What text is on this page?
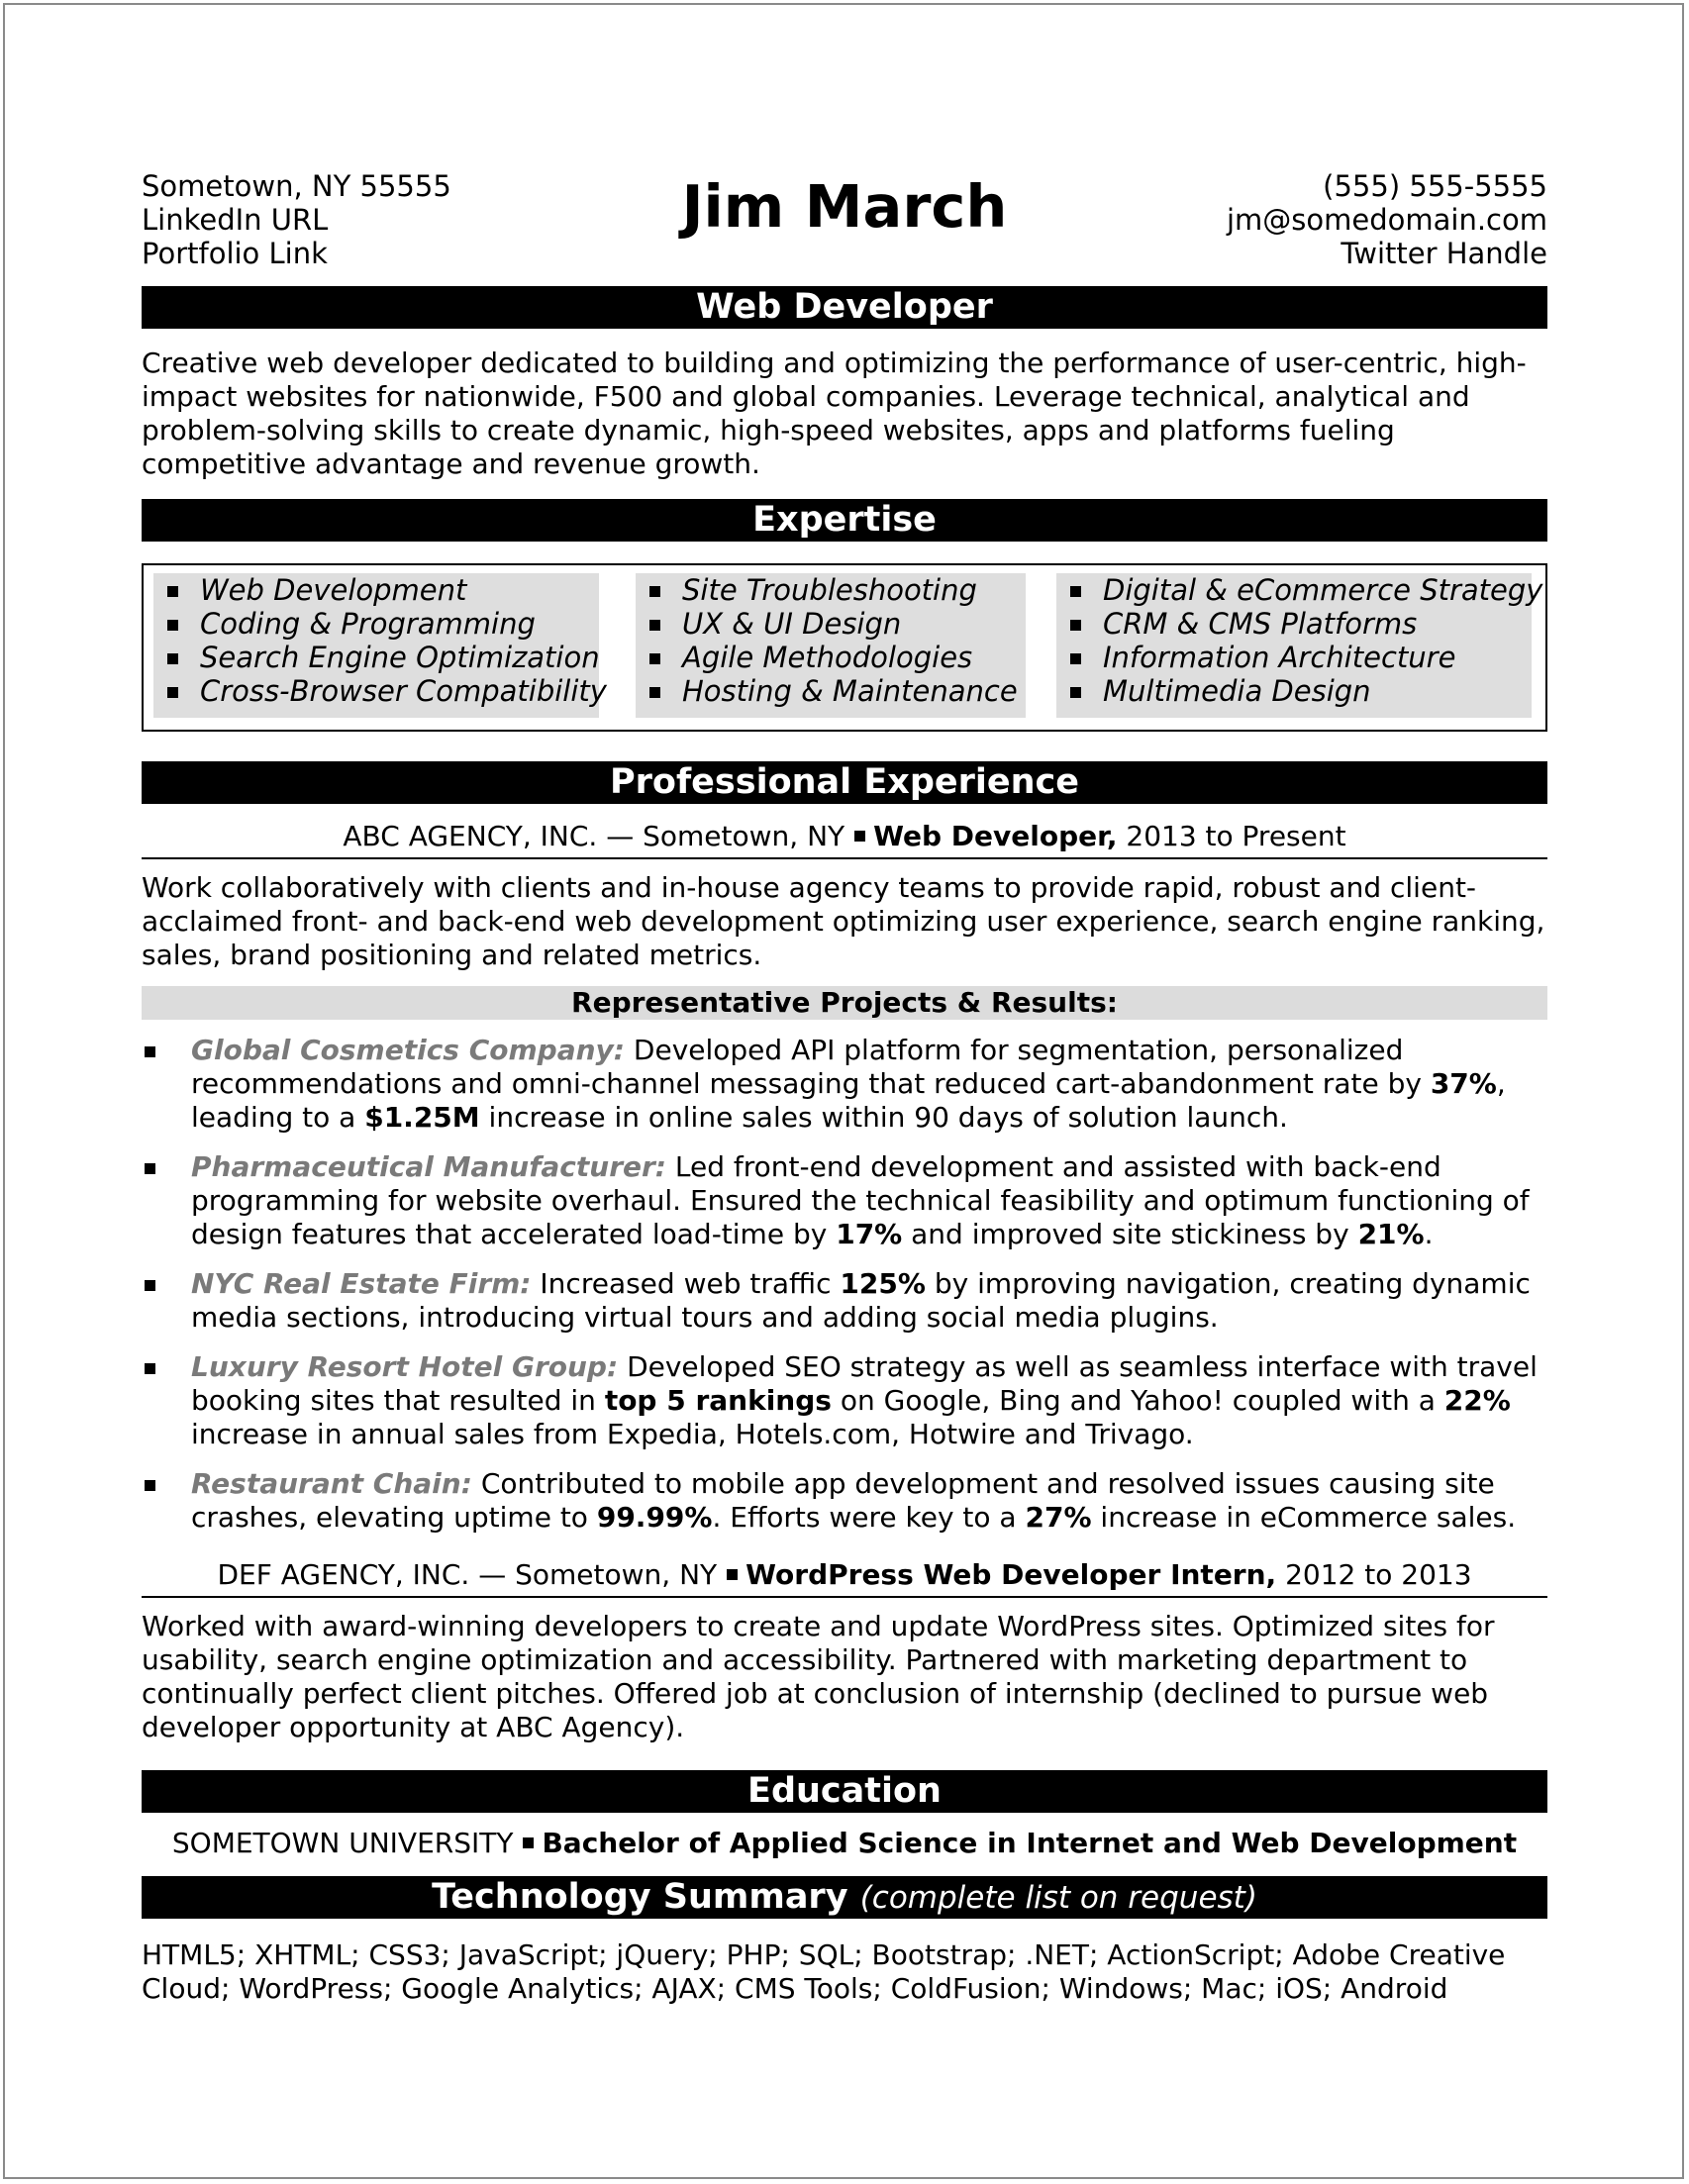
Sometown, NY 55555
LinkedIn URL
Portfolio Link
Jim March	(555) 555-5555
jm@somedomain.com
Twitter Handle
Web Developer

Creative web developer dedicated to building and optimizing the performance of user-centric, high-impact websites for nationwide, F500 and global companies. Leverage technical, analytical and problem-solving skills to create dynamic, high-speed websites, apps and platforms fueling competitive advantage and revenue growth.

Expertise
Web Development
Coding & Programming
Search Engine Optimization
Cross-Browser Compatibility
Site Troubleshooting
UX & UI Design
Agile Methodologies
Hosting & Maintenance
Digital & eCommerce Strategy
CRM & CMS Platforms
Information Architecture
Multimedia Design
Professional Experience
ABC AGENCY, INC. — Sometown, NY Web Developer, 2013 to Present

Work collaboratively with clients and in-house agency teams to provide rapid, robust and client-acclaimed front- and back-end web development optimizing user experience, search engine ranking, sales, brand positioning and related metrics.

Representative Projects & Results:
Global Cosmetics Company: Developed API platform for segmentation, personalized recommendations and omni-channel messaging that reduced cart-abandonment rate by 37%, leading to a $1.25M increase in online sales within 90 days of solution launch.
Pharmaceutical Manufacturer: Led front-end development and assisted with back-end programming for website overhaul. Ensured the technical feasibility and optimum functioning of design features that accelerated load-time by 17% and improved site stickiness by 21%.
NYC Real Estate Firm: Increased web traffic 125% by improving navigation, creating dynamic media sections, introducing virtual tours and adding social media plugins.
Luxury Resort Hotel Group: Developed SEO strategy as well as seamless interface with travel booking sites that resulted in top 5 rankings on Google, Bing and Yahoo! coupled with a 22% increase in annual sales from Expedia, Hotels.com, Hotwire and Trivago.
Restaurant Chain: Contributed to mobile app development and resolved issues causing site crashes, elevating uptime to 99.99%. Efforts were key to a 27% increase in eCommerce sales.
DEF AGENCY, INC. — Sometown, NY WordPress Web Developer Intern, 2012 to 2013

Worked with award-winning developers to create and update WordPress sites. Optimized sites for usability, search engine optimization and accessibility. Partnered with marketing department to continually perfect client pitches. Offered job at conclusion of internship (declined to pursue web developer opportunity at ABC Agency).

Education
SOMETOWN UNIVERSITY Bachelor of Applied Science in Internet and Web Development
Technology Summary (complete list on request)

HTML5; XHTML; CSS3; JavaScript; jQuery; PHP; SQL; Bootstrap; .NET; ActionScript; Adobe Creative Cloud; WordPress; Google Analytics; AJAX; CMS Tools; ColdFusion; Windows; Mac; iOS; Android
